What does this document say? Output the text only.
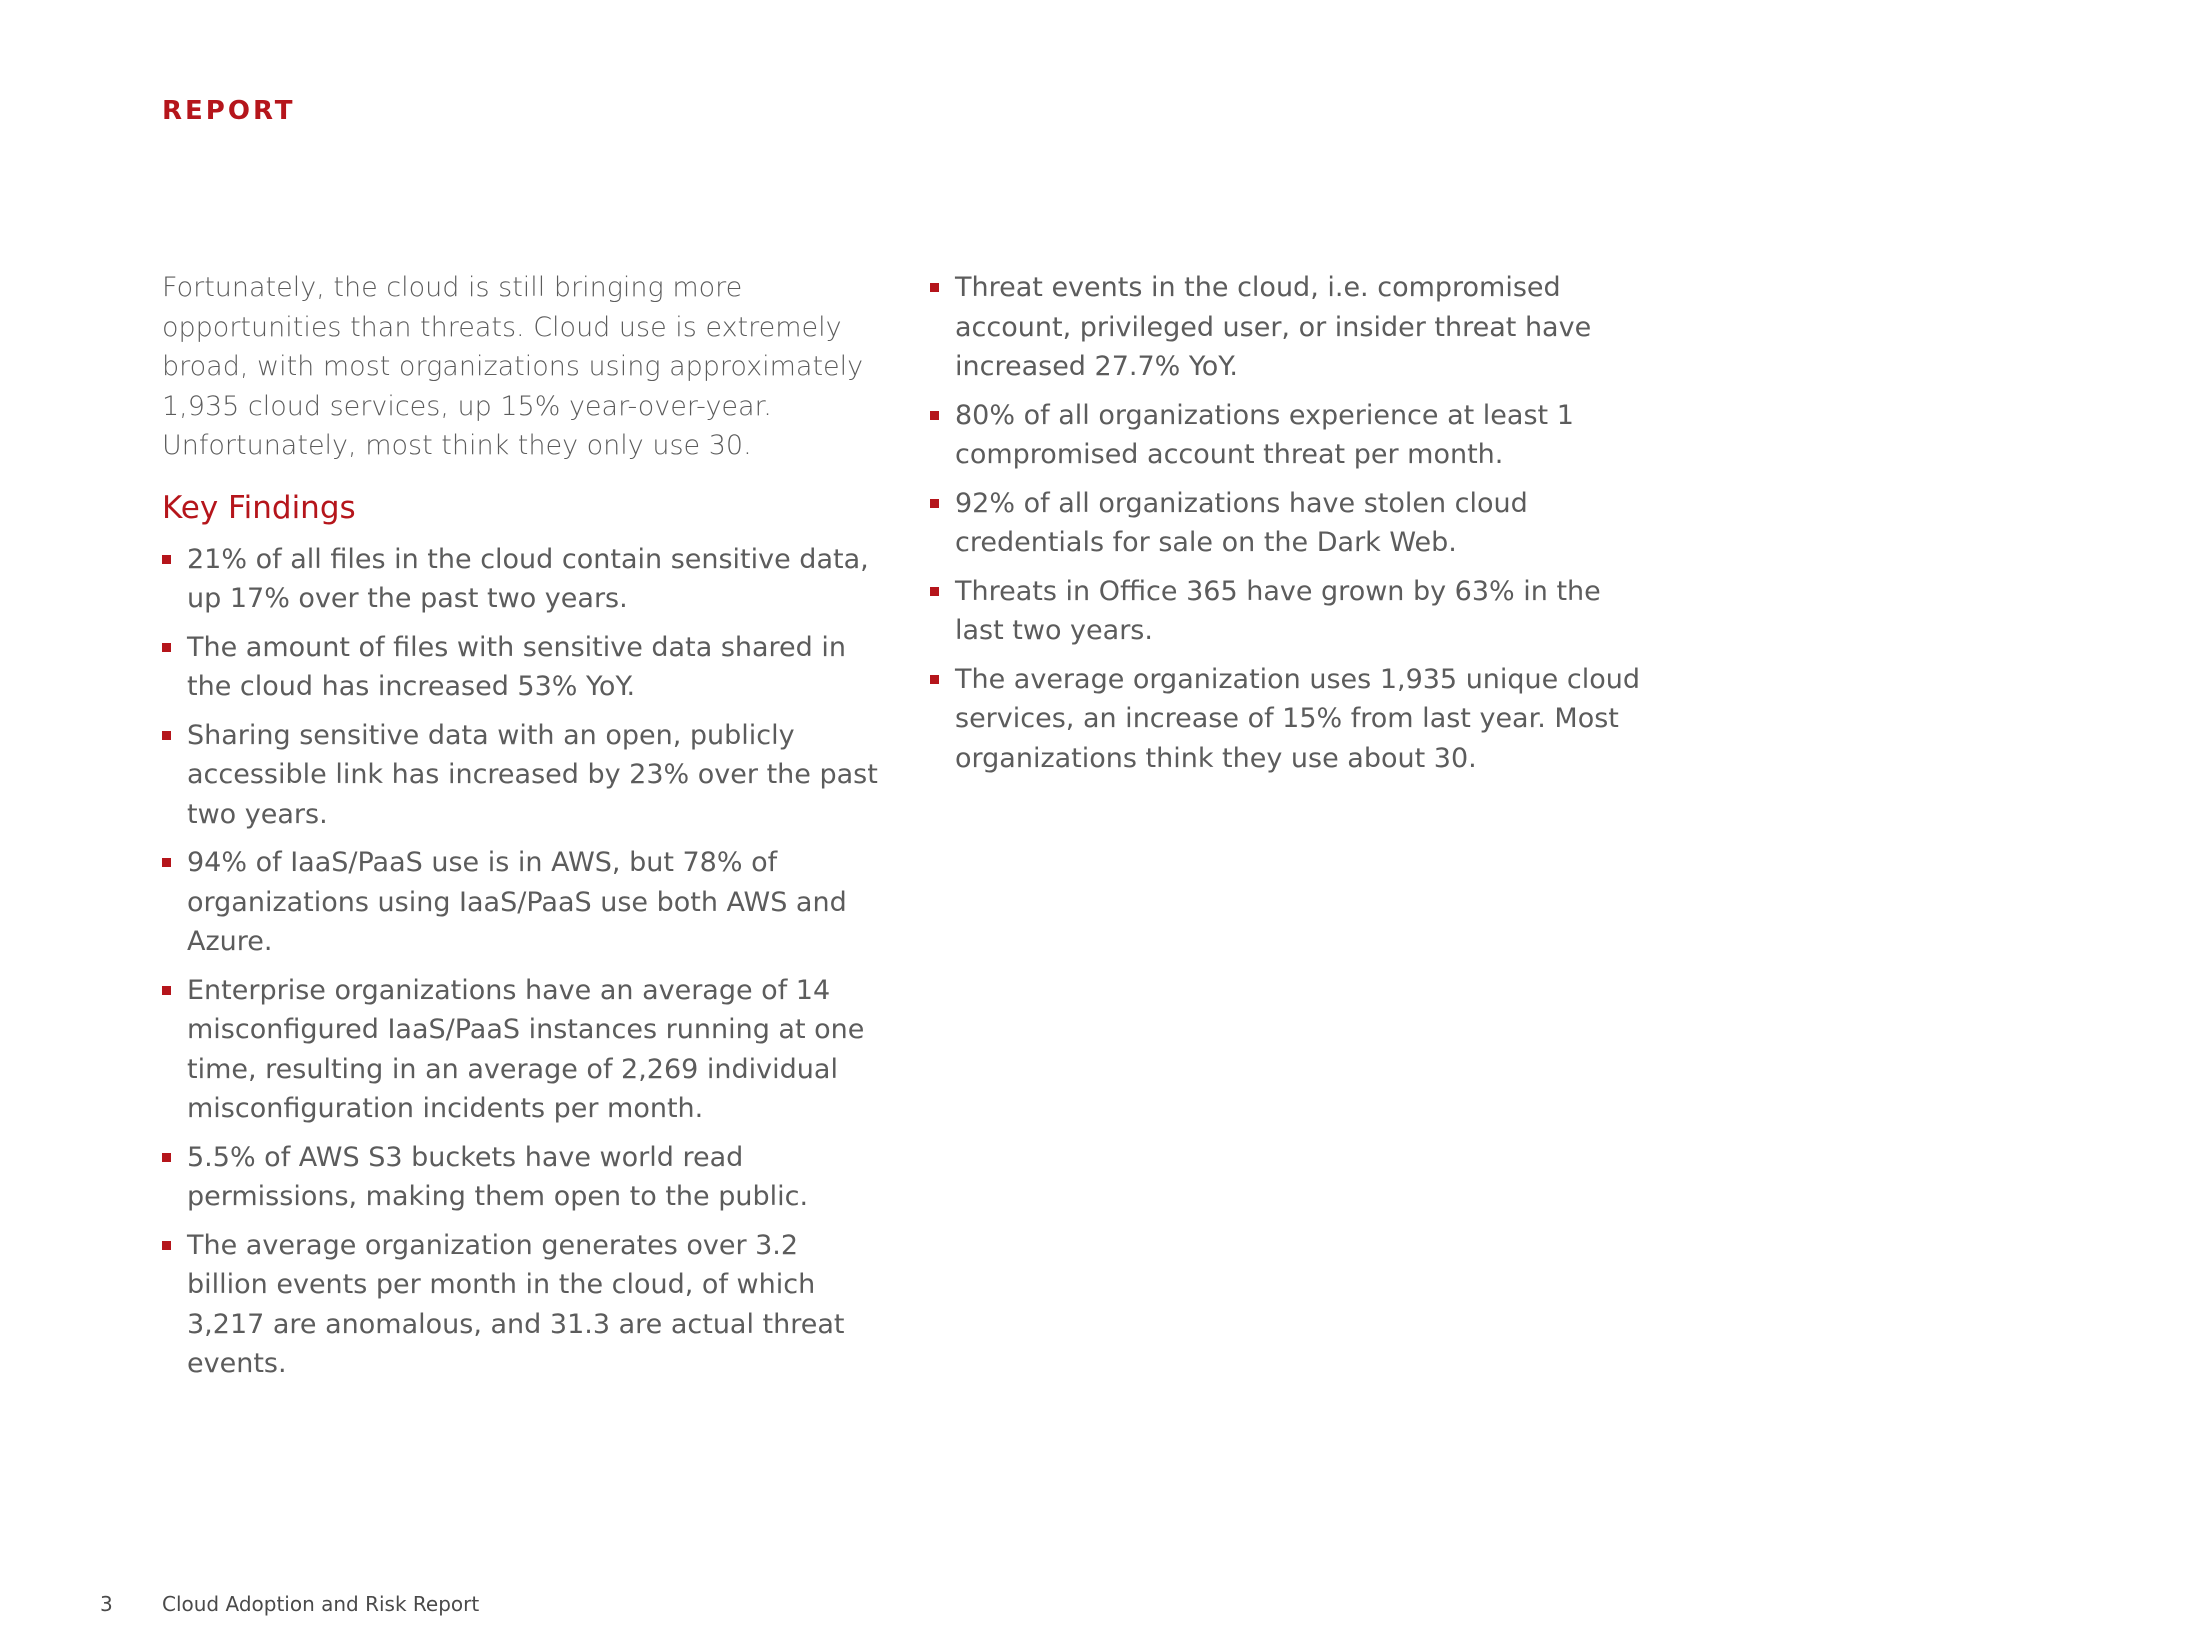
REPORT

Fortunately, the cloud is still bringing more opportunities than threats. Cloud use is extremely broad, with most organizations using approximately 1,935 cloud services, up 15% year-over-year. Unfortunately, most think they only use 30.

Key Findings
21% of all files in the cloud contain sensitive data, up 17% over the past two years.
The amount of files with sensitive data shared in the cloud has increased 53% YoY.
Sharing sensitive data with an open, publicly accessible link has increased by 23% over the past two years.
94% of IaaS/PaaS use is in AWS, but 78% of organizations using IaaS/PaaS use both AWS and Azure.
Enterprise organizations have an average of 14 misconfigured IaaS/PaaS instances running at one time, resulting in an average of 2,269 individual misconfiguration incidents per month.
5.5% of AWS S3 buckets have world read permissions, making them open to the public.
The average organization generates over 3.2 billion events per month in the cloud, of which 3,217 are anomalous, and 31.3 are actual threat events.
Threat events in the cloud, i.e. compromised account, privileged user, or insider threat have increased 27.7% YoY.
80% of all organizations experience at least 1 compromised account threat per month.
92% of all organizations have stolen cloud credentials for sale on the Dark Web.
Threats in Office 365 have grown by 63% in the last two years.
The average organization uses 1,935 unique cloud services, an increase of 15% from last year. Most organizations think they use about 30.
3 Cloud Adoption and Risk Report
